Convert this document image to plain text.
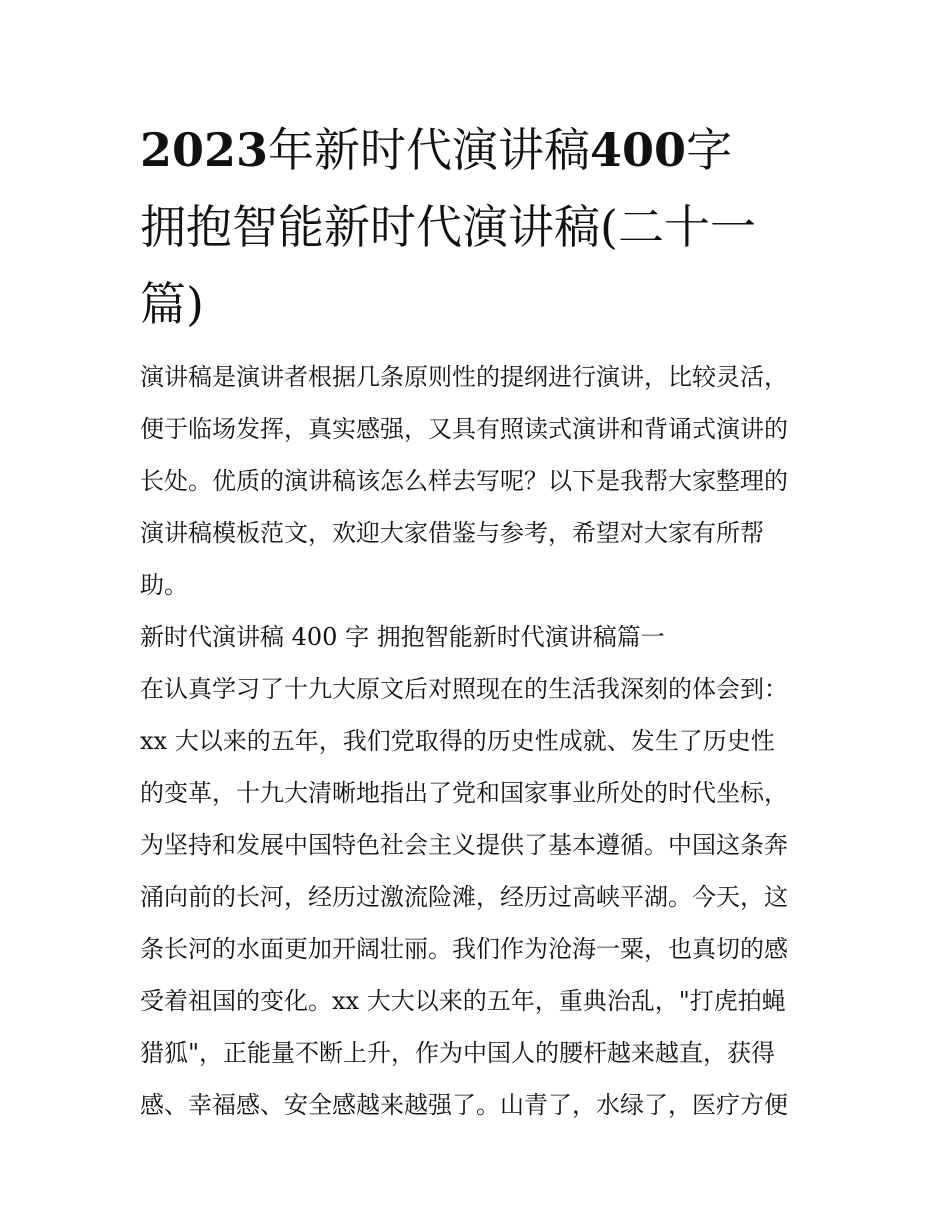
2023年新时代演讲稿400字
拥抱智能新时代演讲稿(二十一
篇)
演讲稿是演讲者根据几条原则性的提纲进行演讲，比较灵活，
便于临场发挥，真实感强，又具有照读式演讲和背诵式演讲的
长处。优质的演讲稿该怎么样去写呢？以下是我帮大家整理的
演讲稿模板范文，欢迎大家借鉴与参考，希望对大家有所帮
助。
新时代演讲稿 400 字 拥抱智能新时代演讲稿篇一
在认真学习了十九大原文后对照现在的生活我深刻的体会到：
xx 大以来的五年，我们党取得的历史性成就、发生了历史性
的变革，十九大清晰地指出了党和国家事业所处的时代坐标，
为坚持和发展中国特色社会主义提供了基本遵循。中国这条奔
涌向前的长河，经历过激流险滩，经历过高峡平湖。今天，这
条长河的水面更加开阔壮丽。我们作为沧海一粟，也真切的感
受着祖国的变化。xx 大大以来的五年，重典治乱，"打虎拍蝇
猎狐"，正能量不断上升，作为中国人的腰杆越来越直，获得
感、幸福感、安全感越来越强了。山青了，水绿了，医疗方便
